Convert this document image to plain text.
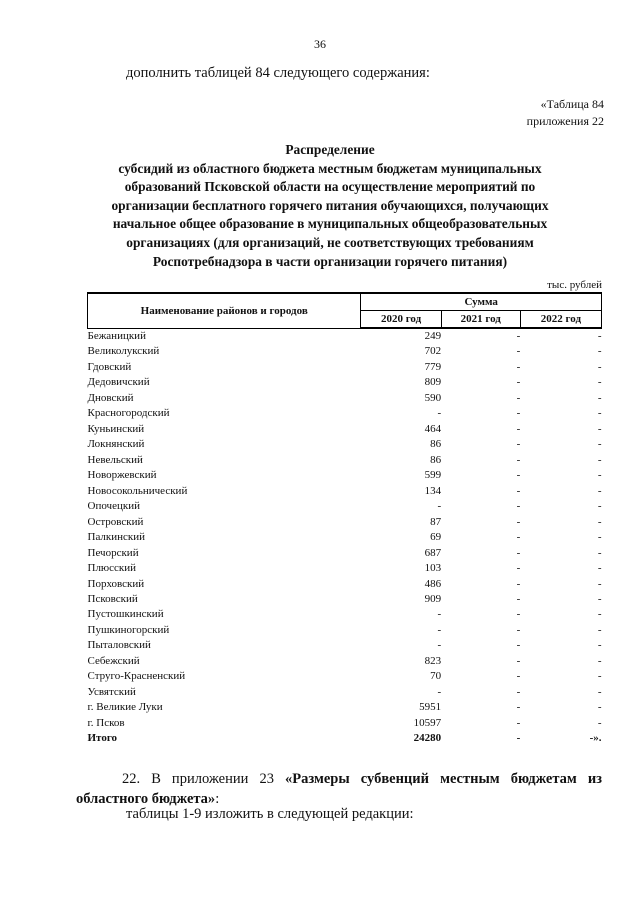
36
дополнить таблицей 84 следующего содержания:
«Таблица 84
приложения 22
Распределение
субсидий из областного бюджета местным бюджетам муниципальных
образований Псковской области на осуществление мероприятий по
организации бесплатного горячего питания обучающихся, получающих
начальное общее образование в муниципальных общеобразовательных
организациях (для организаций, не соответствующих требованиям
Роспотребнадзора в части организации горячего питания)
тыс. рублей
Наименование районов и городов	Сумма		
	2020 год	2021 год	2022 год
Бежаницкий	249	-	-
Великолукский	702	-	-
Гдовский	779	-	-
Дедовичский	809	-	-
Дновский	590	-	-
Красногородский	-	-	-
Куньинский	464	-	-
Локнянский	86	-	-
Невельский	86	-	-
Новоржевский	599	-	-
Новосокольнический	134	-	-
Опочецкий	-	-	-
Островский	87	-	-
Палкинский	69	-	-
Печорский	687	-	-
Плюсский	103	-	-
Порховский	486	-	-
Псковский	909	-	-
Пустошкинский	-	-	-
Пушкиногорский	-	-	-
Пыталовский	-	-	-
Себежский	823	-	-
Струго-Красненский	70	-	-
Усвятский	-	-	-
г. Великие Луки	5951	-	-
г. Псков	10597	-	-
Итого	24280	-	-».
22. В приложении 23 «Размеры субвенций местным бюджетам из областного бюджета»:
таблицы 1-9 изложить в следующей редакции:
